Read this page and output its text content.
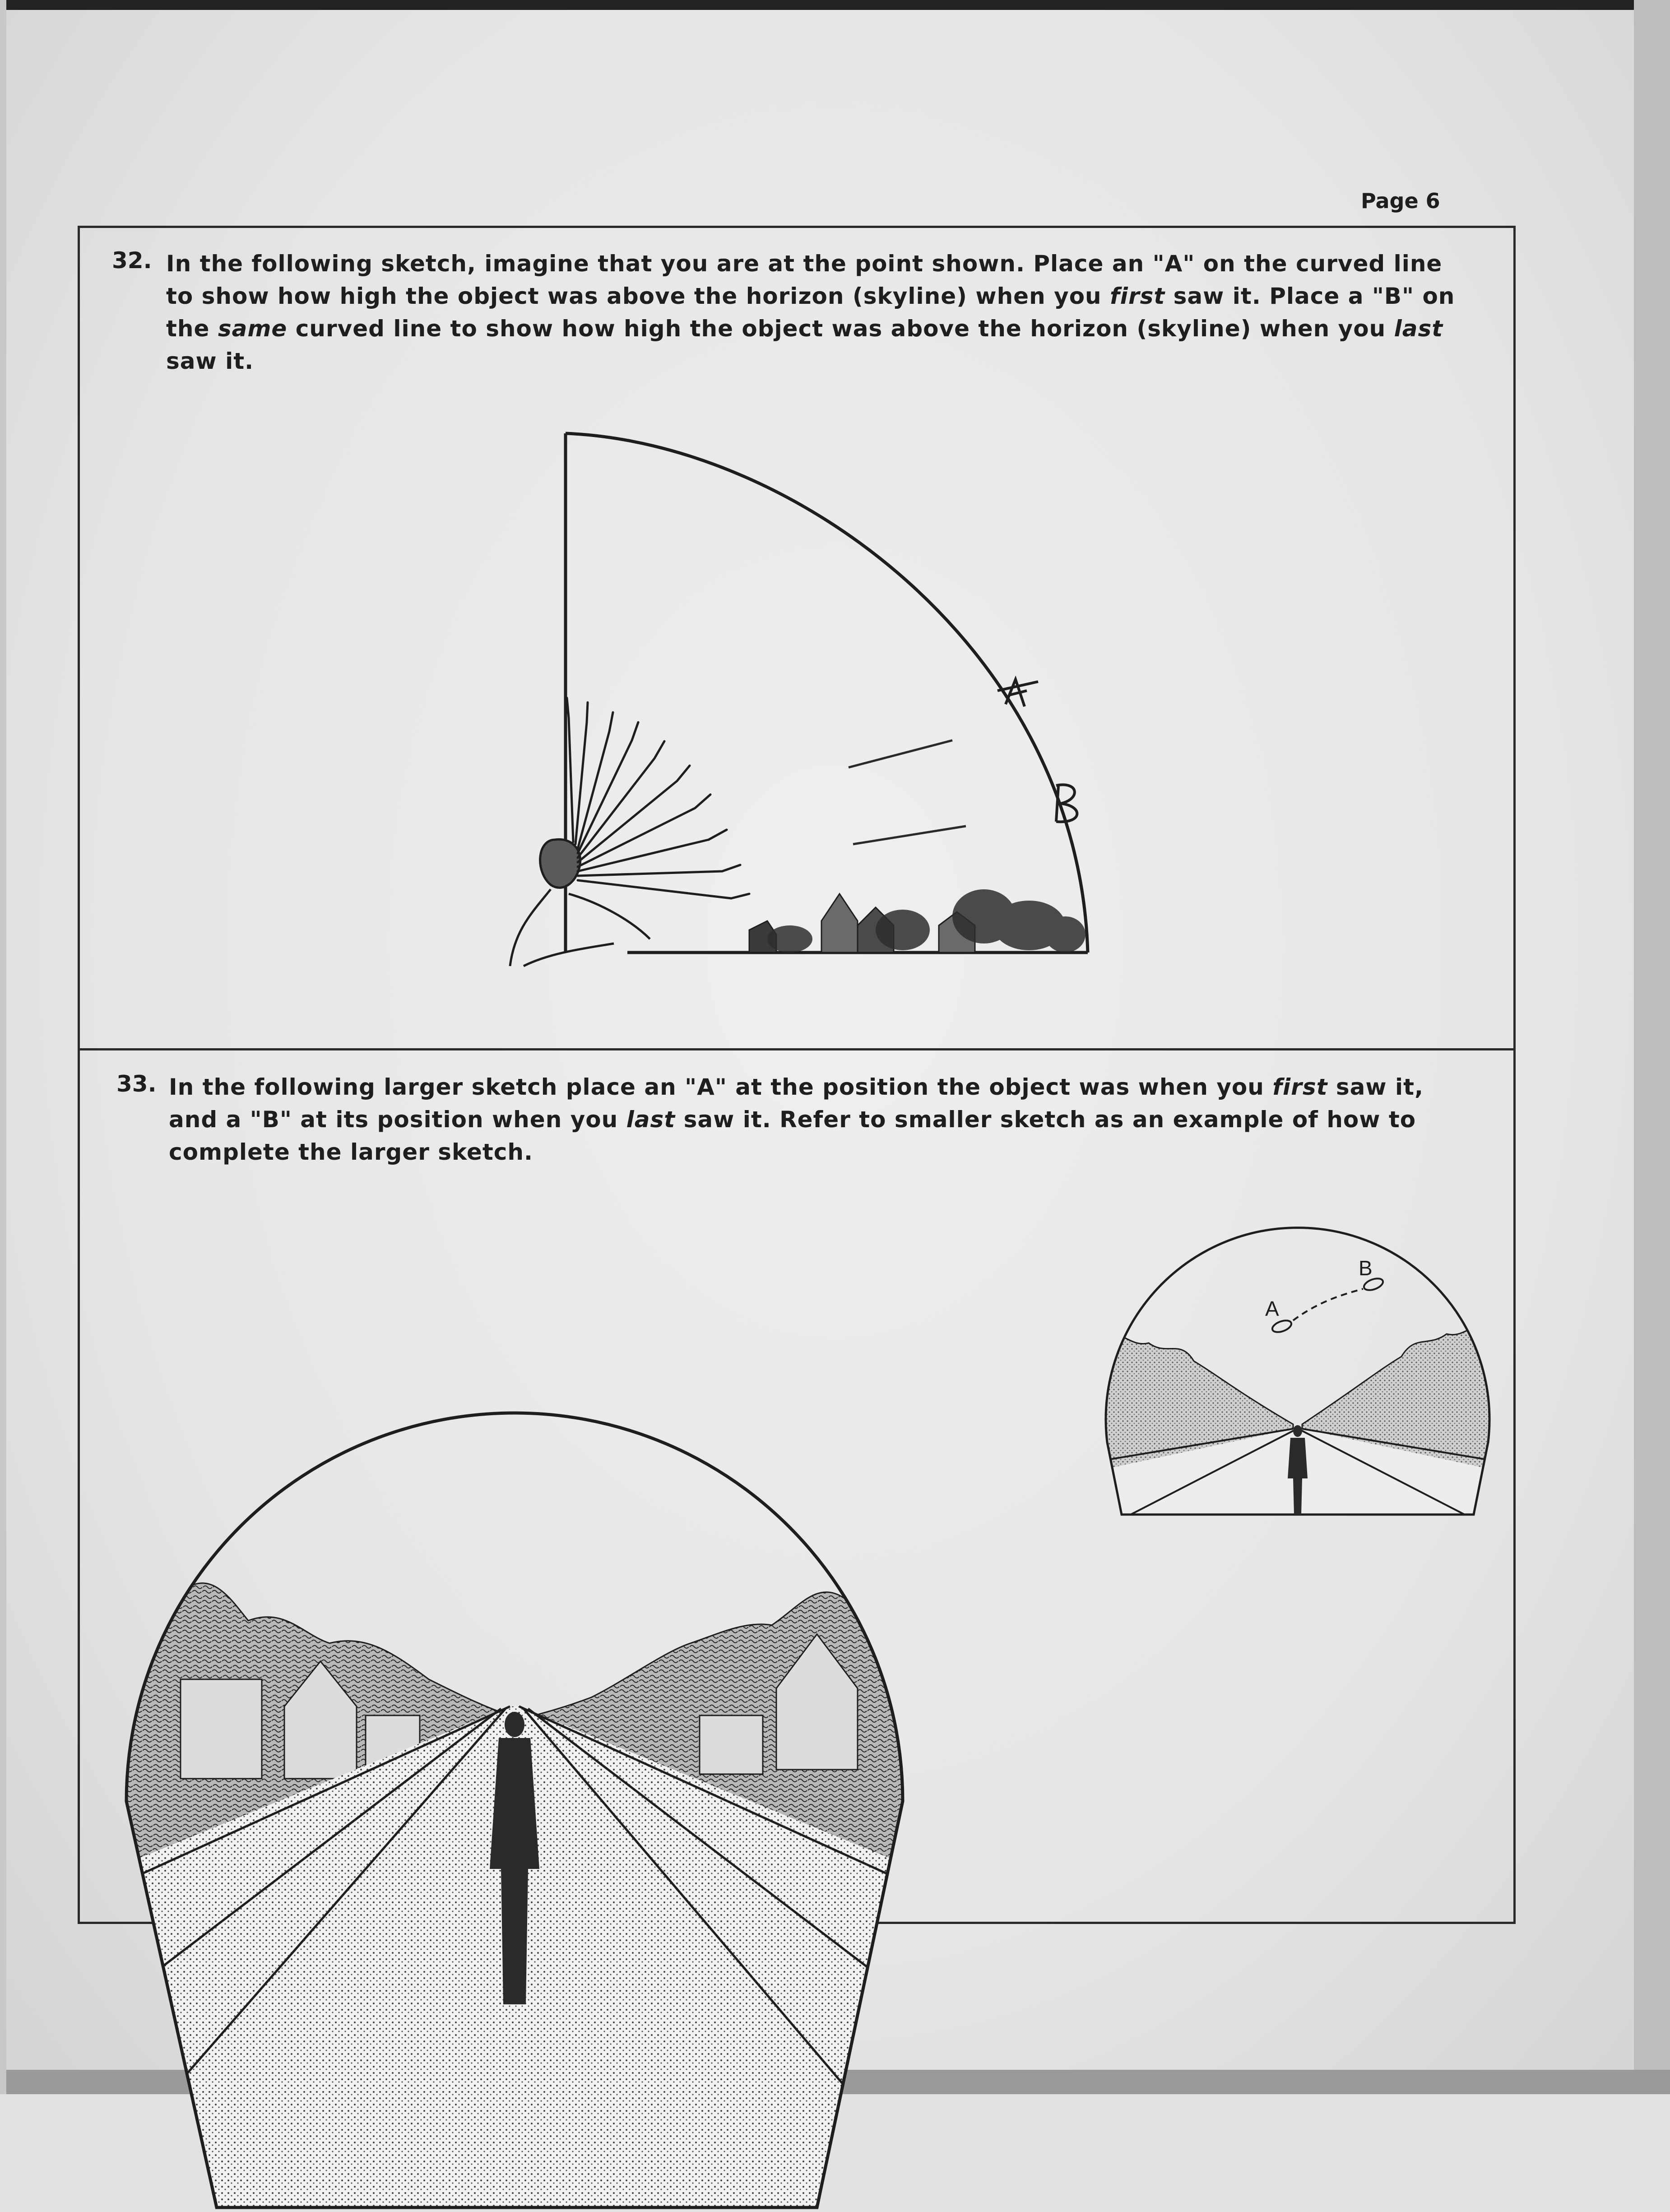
Page 6
32. In the following sketch, imagine that you are at the point shown. Place an "A" on the curved line to show how high the object was above the horizon (skyline) when you first saw it. Place a "B" on the same curved line to show how high the object was above the horizon (skyline) when you last saw it.
33. In the following larger sketch place an "A" at the position the object was when you first saw it, and a "B" at its position when you last saw it. Refer to smaller sketch as an example of how to complete the larger sketch.
A
B
